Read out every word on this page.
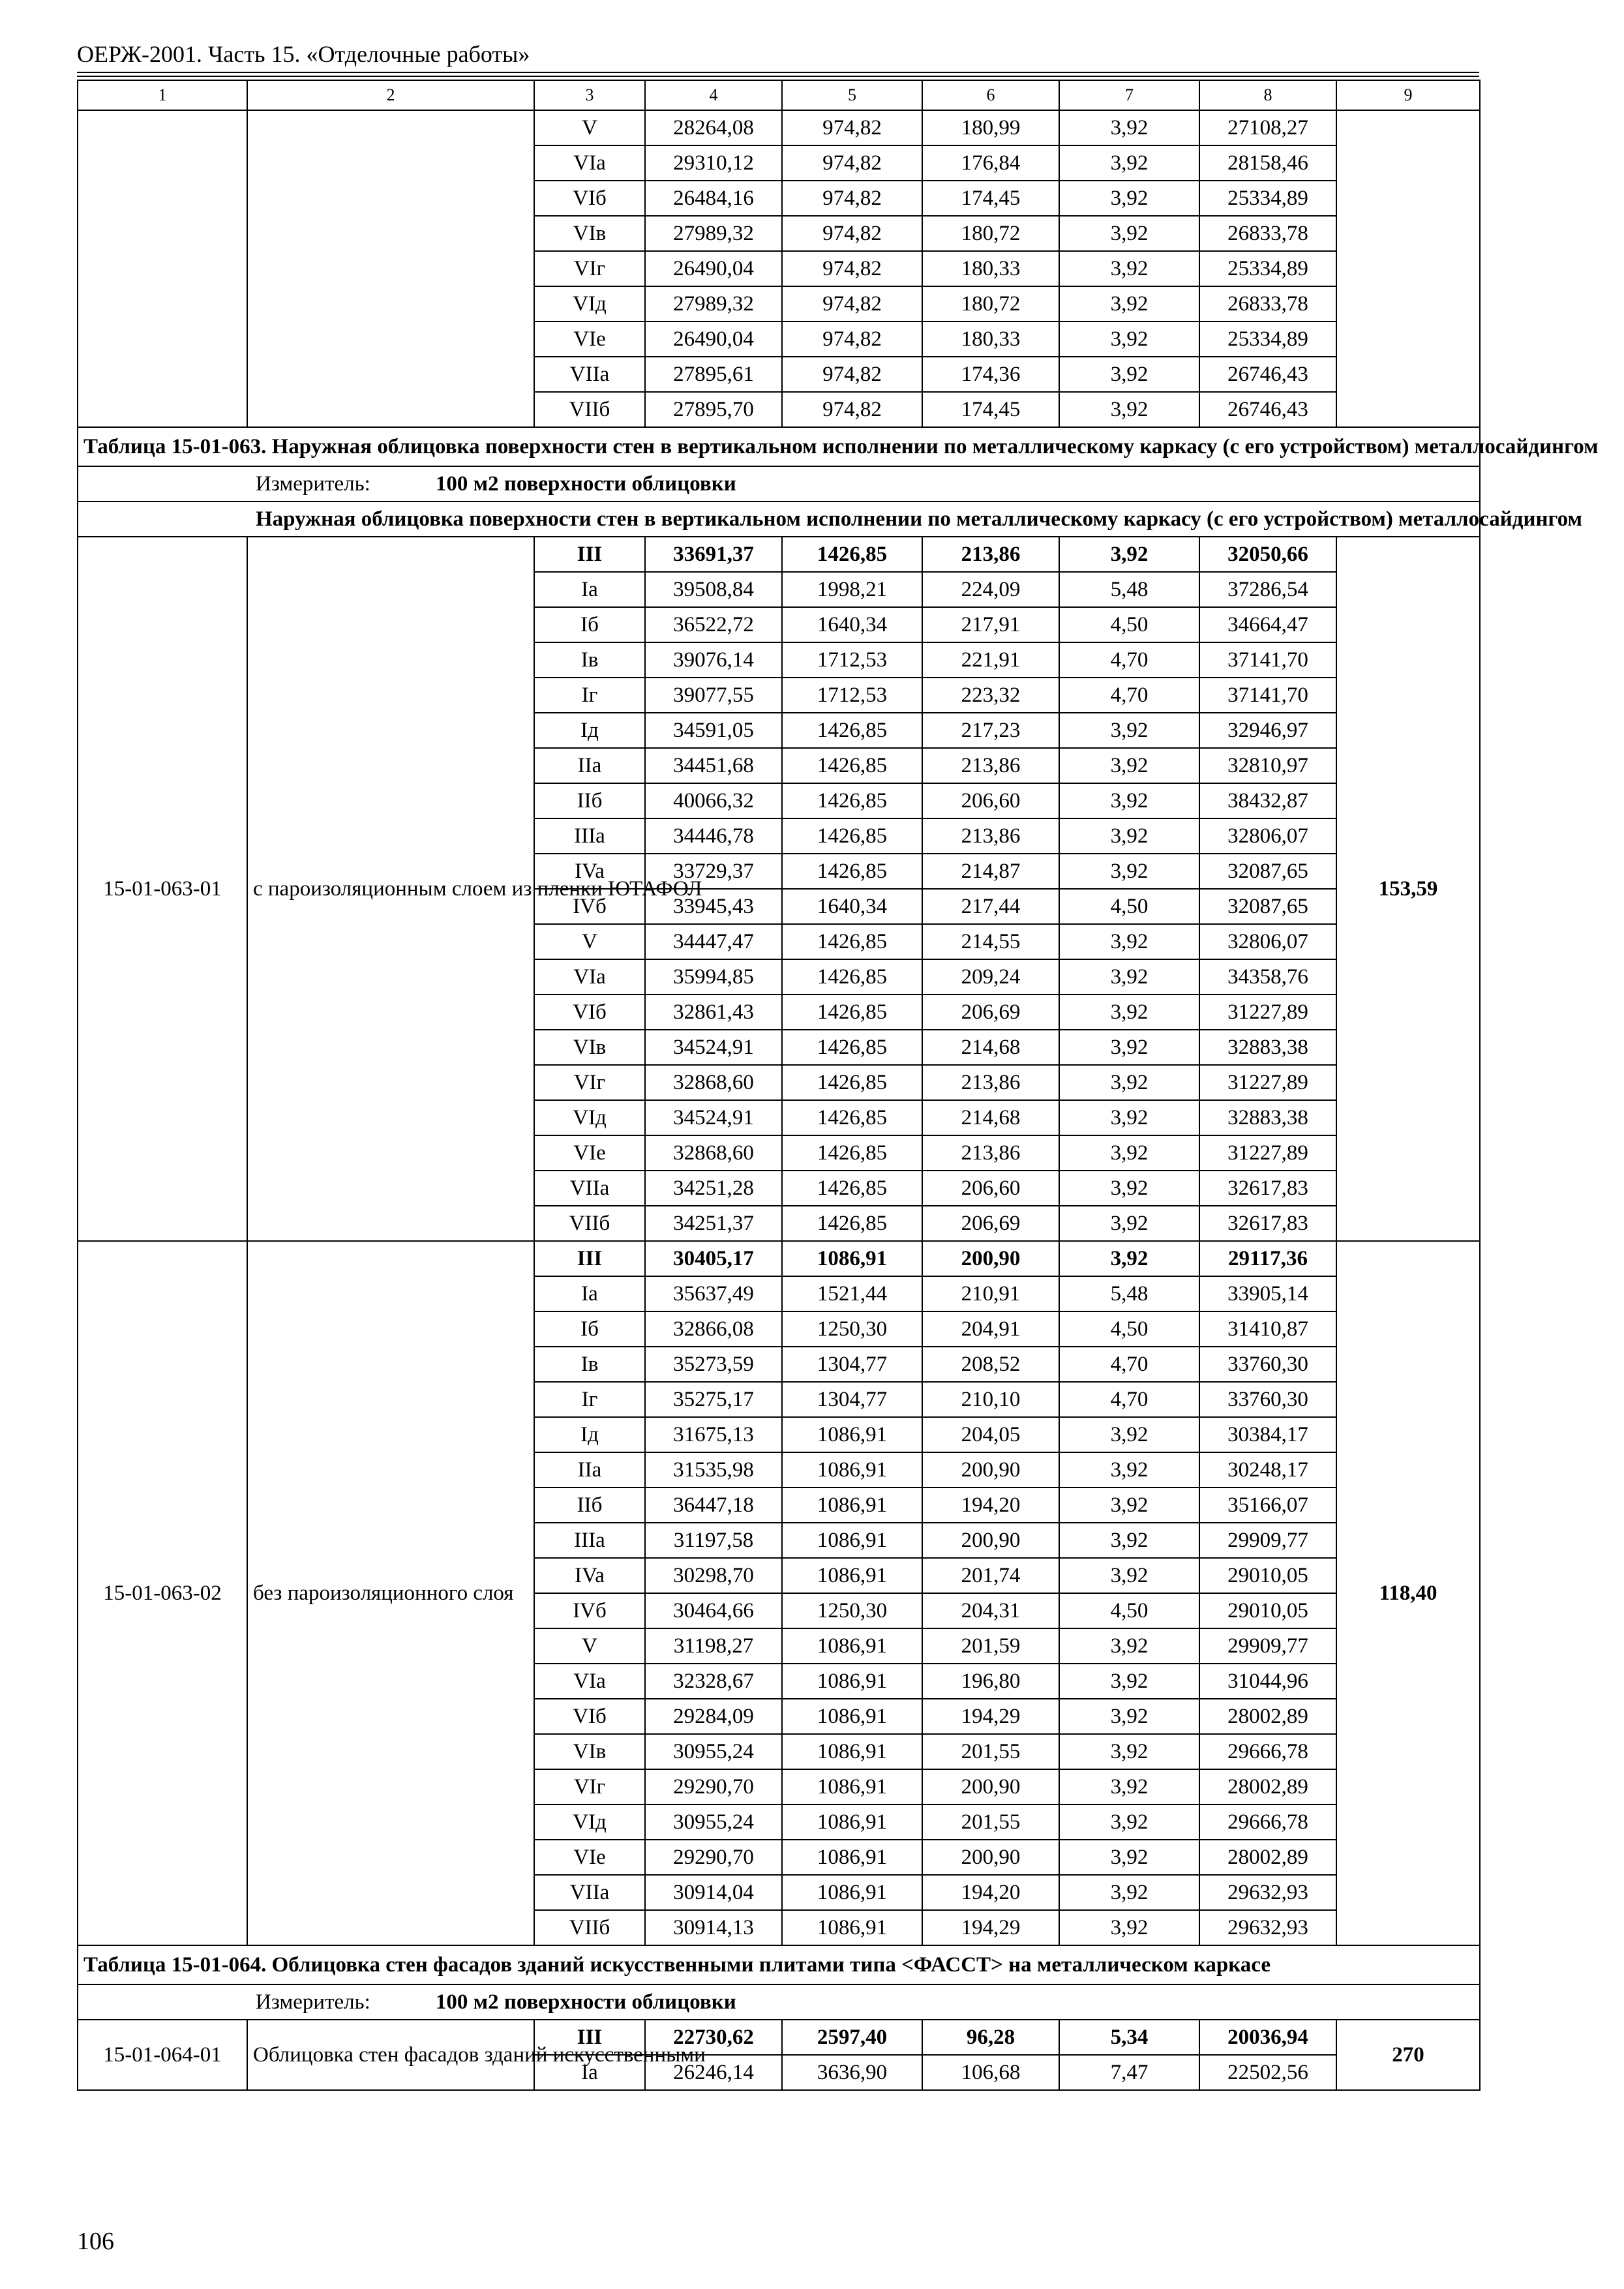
ОЕРЖ-2001. Часть 15. «Отделочные работы»
1	2	3	4	5	6	7	8	9
		V	28264,08	974,82	180,99	3,92	27108,27	
		VIa	29310,12	974,82	176,84	3,92	28158,46	
		VIб	26484,16	974,82	174,45	3,92	25334,89	
		VIв	27989,32	974,82	180,72	3,92	26833,78	
		VIг	26490,04	974,82	180,33	3,92	25334,89	
		VIд	27989,32	974,82	180,72	3,92	26833,78	
		VIe	26490,04	974,82	180,33	3,92	25334,89	
		VIIa	27895,61	974,82	174,36	3,92	26746,43	
		VIIб	27895,70	974,82	174,45	3,92	26746,43	
Таблица 15-01-063. Наружная облицовка поверхности стен в вертикальном исполнении по металлическому каркасу (с его устройством) металлосайдингом								
Измеритель: 100 м2 поверхности облицовки								

Наружная облицовка поверхности стен в вертикальном исполнении по металлическому каркасу (с его устройством) металлосайдингом								

15-01-063-01	с пароизоляционным слоем из пленки ЮТАФОЛ	III	33691,37	1426,85	213,86	3,92	32050,66	153,59
		Ia	39508,84	1998,21	224,09	5,48	37286,54	
		Iб	36522,72	1640,34	217,91	4,50	34664,47	
		Iв	39076,14	1712,53	221,91	4,70	37141,70	
		Iг	39077,55	1712,53	223,32	4,70	37141,70	
		Iд	34591,05	1426,85	217,23	3,92	32946,97	
		IIa	34451,68	1426,85	213,86	3,92	32810,97	
		IIб	40066,32	1426,85	206,60	3,92	38432,87	
		IIIa	34446,78	1426,85	213,86	3,92	32806,07	
		IVa	33729,37	1426,85	214,87	3,92	32087,65	
		IVб	33945,43	1640,34	217,44	4,50	32087,65	
		V	34447,47	1426,85	214,55	3,92	32806,07	
		VIa	35994,85	1426,85	209,24	3,92	34358,76	
		VIб	32861,43	1426,85	206,69	3,92	31227,89	
		VIв	34524,91	1426,85	214,68	3,92	32883,38	
		VIг	32868,60	1426,85	213,86	3,92	31227,89	
		VIд	34524,91	1426,85	214,68	3,92	32883,38	
		VIe	32868,60	1426,85	213,86	3,92	31227,89	
		VIIa	34251,28	1426,85	206,60	3,92	32617,83	
		VIIб	34251,37	1426,85	206,69	3,92	32617,83	
15-01-063-02	без пароизоляционного слоя	III	30405,17	1086,91	200,90	3,92	29117,36	118,40
		Ia	35637,49	1521,44	210,91	5,48	33905,14	
		Iб	32866,08	1250,30	204,91	4,50	31410,87	
		Iв	35273,59	1304,77	208,52	4,70	33760,30	
		Iг	35275,17	1304,77	210,10	4,70	33760,30	
		Iд	31675,13	1086,91	204,05	3,92	30384,17	
		IIa	31535,98	1086,91	200,90	3,92	30248,17	
		IIб	36447,18	1086,91	194,20	3,92	35166,07	
		IIIa	31197,58	1086,91	200,90	3,92	29909,77	
		IVa	30298,70	1086,91	201,74	3,92	29010,05	
		IVб	30464,66	1250,30	204,31	4,50	29010,05	
		V	31198,27	1086,91	201,59	3,92	29909,77	
		VIa	32328,67	1086,91	196,80	3,92	31044,96	
		VIб	29284,09	1086,91	194,29	3,92	28002,89	
		VIв	30955,24	1086,91	201,55	3,92	29666,78	
		VIг	29290,70	1086,91	200,90	3,92	28002,89	
		VIд	30955,24	1086,91	201,55	3,92	29666,78	
		VIe	29290,70	1086,91	200,90	3,92	28002,89	
		VIIa	30914,04	1086,91	194,20	3,92	29632,93	
		VIIб	30914,13	1086,91	194,29	3,92	29632,93	
Таблица 15-01-064. Облицовка стен фасадов зданий искусственными плитами типа <ФАССТ> на металлическом каркасе								
Измеритель: 100 м2 поверхности облицовки								
15-01-064-01	Облицовка стен фасадов зданий искусственными	III	22730,62	2597,40	96,28	5,34	20036,94	270
		Ia	26246,14	3636,90	106,68	7,47	22502,56	
106
